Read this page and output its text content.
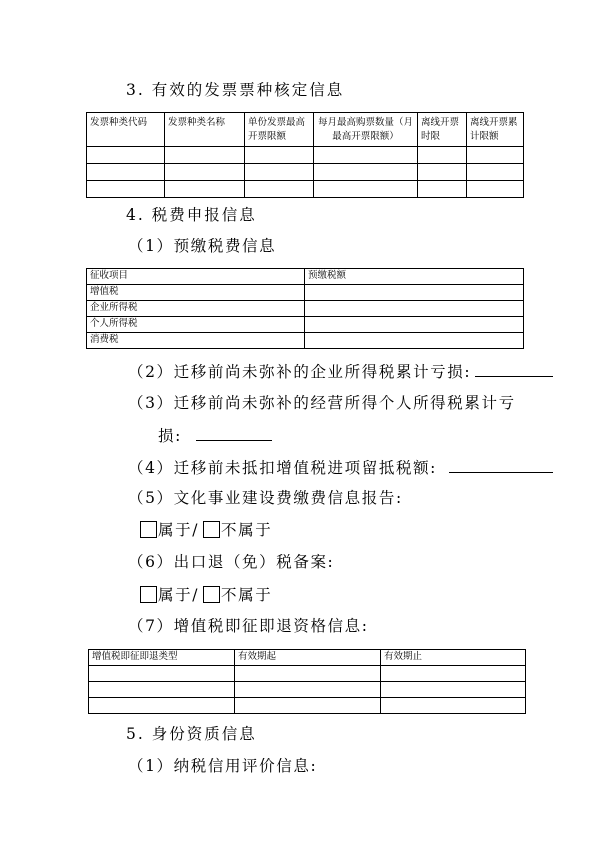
3. 有效的发票票种核定信息
发票种类代码	发票种类名称	单份发票最高开票限额	每月最高购票数量（月最高开票限额）	离线开票时限	离线开票累计限额

4. 税费申报信息
（1）预缴税费信息
征收项目	预缴税额
增值税	
企业所得税	
个人所得税	
消费税	
（2）迁移前尚未弥补的企业所得税累计亏损:
（3）迁移前尚未弥补的经营所得个人所得税累计亏
损:
（4）迁移前未抵扣增值税进项留抵税额:
（5）文化事业建设费缴费信息报告:
属于/ 不属于
（6）出口退（免）税备案:
属于/ 不属于
（7）增值税即征即退资格信息:
增值税即征即退类型	有效期起	有效期止

5. 身份资质信息
（1）纳税信用评价信息:
